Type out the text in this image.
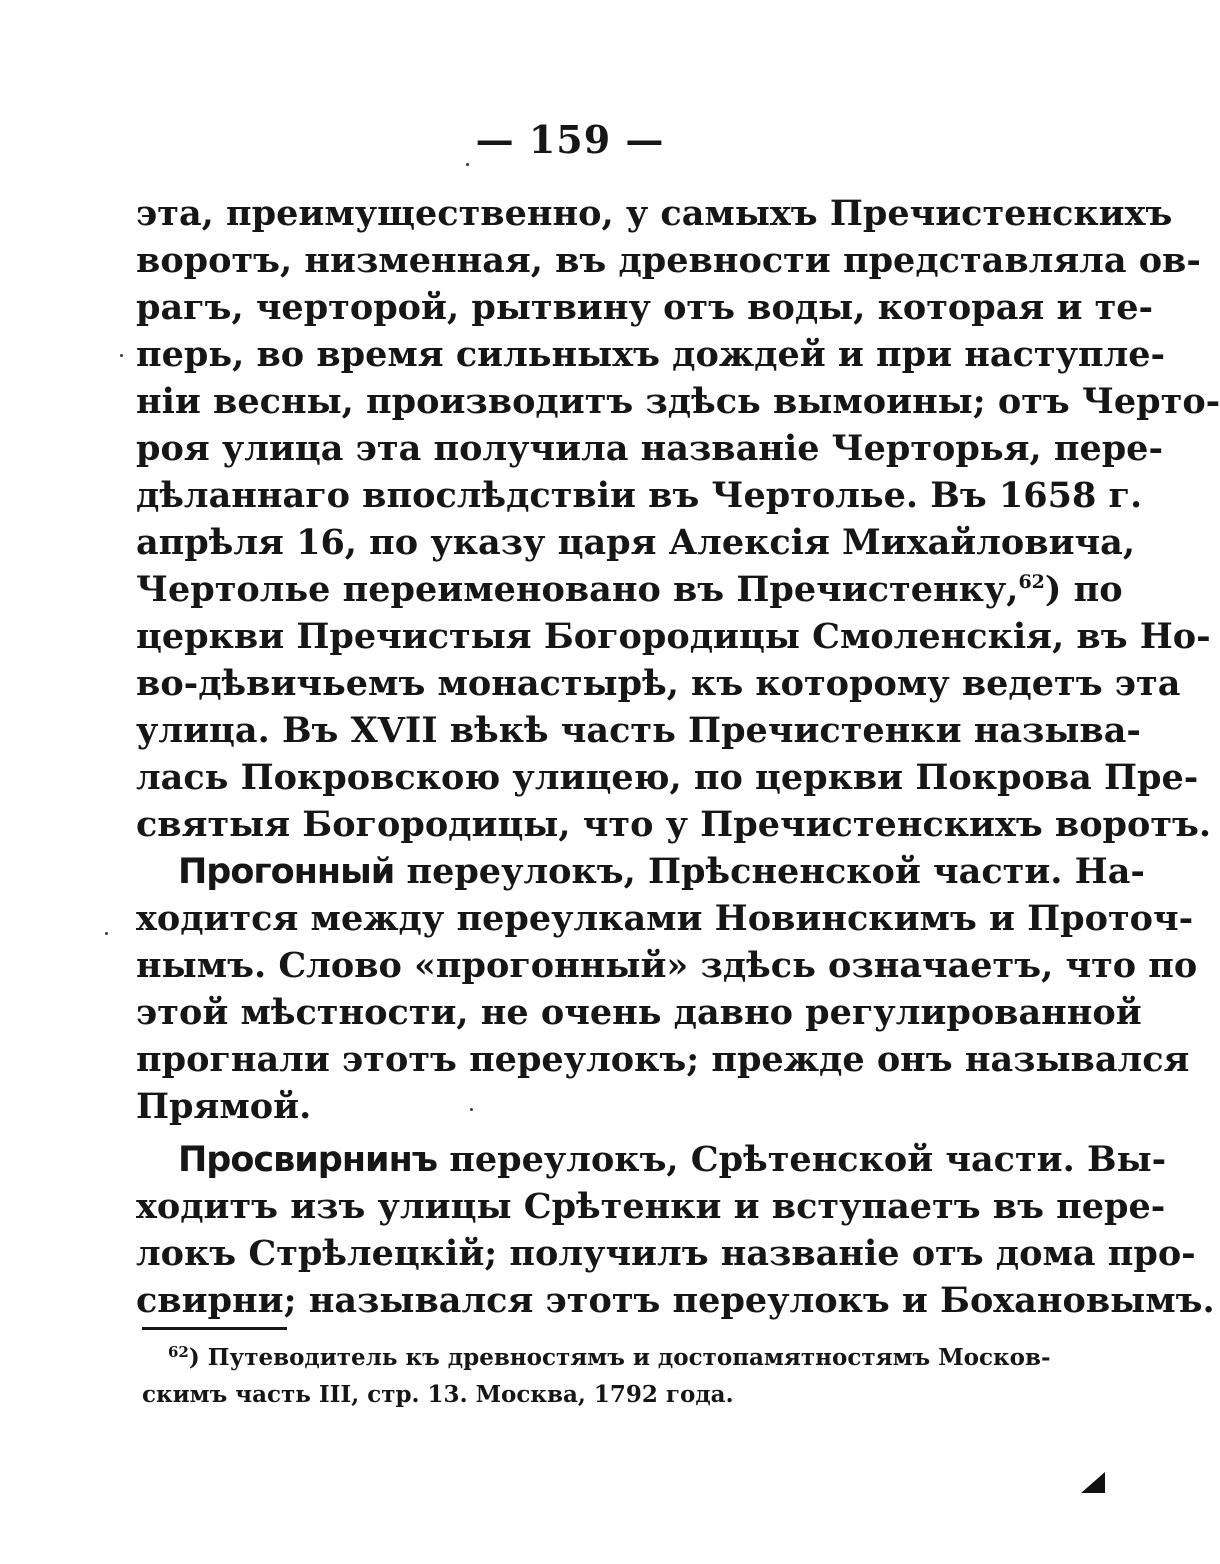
— 159 —
эта, преимущественно, у самыхъ Пречистенскихъ
воротъ, низменная, въ древности представляла ов-
рагъ, черторой, рытвину отъ воды, которая и те-
перь, во время сильныхъ дождей и при наступле-
нiи весны, производитъ здѣсь вымоины; отъ Черто-
роя улица эта получила названiе Черторья, пере-
дѣланнаго впослѣдствiи въ Чертолье. Въ 1658 г.
апрѣля 16, по указу царя Алексiя Михайловича,
Чертолье переименовано въ Пречистенку,$^{62}$) по
церкви Пречистыя Богородицы Смоленскiя, въ Но-
во-дѣвичьемъ монастырѣ, къ которому ведетъ эта
улица. Въ XVII вѣкѣ часть Пречистенки называ-
лась Покровскою улицею, по церкви Покрова Пре-
святыя Богородицы, что у Пречистенскихъ воротъ.
Прогонный переулокъ, Прѣсненской части. На-
ходится между переулками Новинскимъ и Проточ-
нымъ. Слово «прогонный» здѣсь означаетъ, что по
этой мѣстности, не очень давно регулированной
прогнали этотъ переулокъ; прежде онъ назывался
Прямой.
Просвирнинъ переулокъ, Срѣтенской части. Вы-
ходитъ изъ улицы Срѣтенки и вступаетъ въ пере-
локъ Стрѣлецкiй; получилъ названiе отъ дома про-
свирни; назывался этотъ переулокъ и Бохановымъ.
$^{62}$) Путеводитель къ древностямъ и достопамятностямъ Москов-
скимъ часть III, стр. 13. Москва, 1792 года.
